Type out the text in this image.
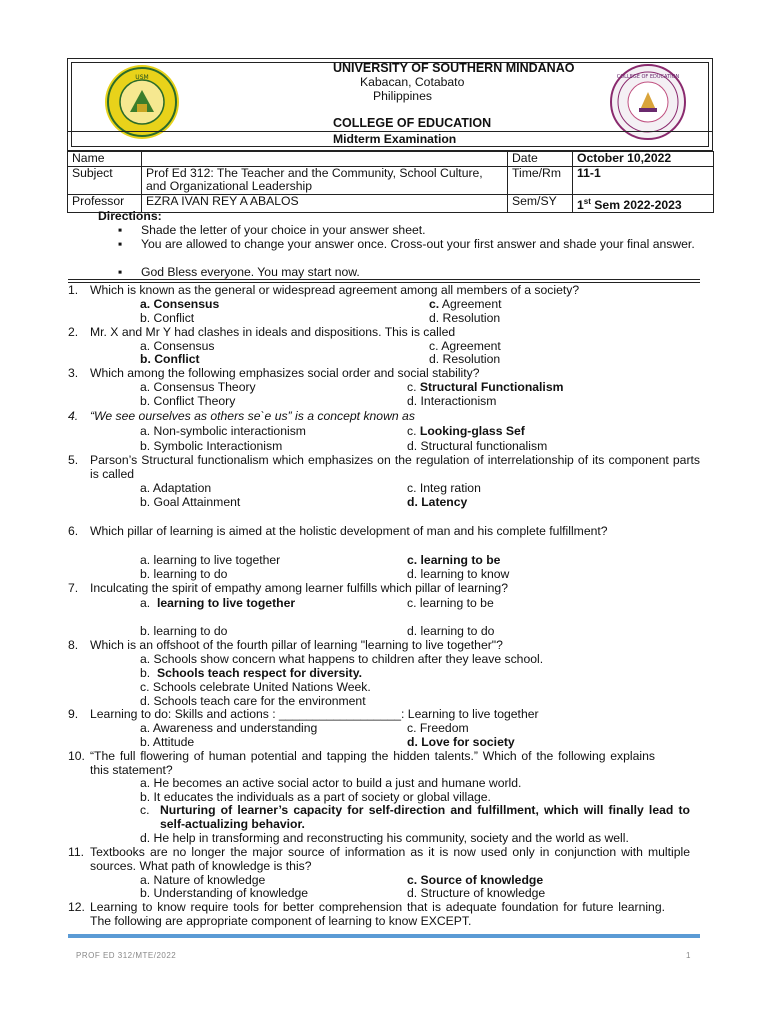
USM	COLLEGE OF EDUCATION
UNIVERSITY OF SOUTHERN MINDANAO
Kabacan, Cotabato
Philippines
COLLEGE OF EDUCATION
Midterm Examination
Name		Date	October 10,2022
Subject	Prof Ed 312: The Teacher and the Community, School Culture, and Organizational Leadership	Time/Rm	11-1
Professor	EZRA IVAN REY A ABALOS	Sem/SY	1st Sem 2022-2023
Directions:
▪ Shade the letter of your choice in your answer sheet.
▪ You are allowed to change your answer once. Cross-out your first answer and shade your final answer.
▪ God Bless everyone. You may start now.
1. Which is known as the general or widespread agreement among all members of a society?
a. Consensus	c. Agreement
b. Conflict	d. Resolution
2. Mr. X and Mr Y had clashes in ideals and dispositions. This is called
a. Consensus	c. Agreement
b. Conflict	d. Resolution
3. Which among the following emphasizes social order and social stability?
a. Consensus Theory	c. Structural Functionalism
b. Conflict Theory	d. Interactionism
4. “We see ourselves as others se`e us” is a concept known as
a. Non-symbolic interactionism	c. Looking-glass Sef
b. Symbolic Interactionism	d. Structural functionalism
5. Parson’s Structural functionalism which emphasizes on the regulation of interrelationship of its component parts is called
a. Adaptation	c. Integ ration
b. Goal Attainment	d. Latency
6. Which pillar of learning is aimed at the holistic development of man and his complete fulfillment?
a. learning to live together	c. learning to be
b. learning to do	d. learning to know
7. Inculcating the spirit of empathy among learner fulfills which pillar of learning?
a. learning to live together	c. learning to be
b. learning to do	d. learning to do
8. Which is an offshoot of the fourth pillar of learning "learning to live together"?
a. Schools show concern what happens to children after they leave school.
b. Schools teach respect for diversity.
c. Schools celebrate United Nations Week.
d. Schools teach care for the environment
9. Learning to do: Skills and actions : __________________: Learning to live together
a. Awareness and understanding	c. Freedom
b. Attitude	d. Love for society
10. “The full flowering of human potential and tapping the hidden talents.” Which of the following explains this statement?
a. He becomes an active social actor to build a just and humane world.
b. It educates the individuals as a part of society or global village.
c. Nurturing of learner’s capacity for self-direction and fulfillment, which will finally lead to self-actualizing behavior.
d. He help in transforming and reconstructing his community, society and the world as well.
11. Textbooks are no longer the major source of information as it is now used only in conjunction with multiple sources. What path of knowledge is this?
a. Nature of knowledge	c. Source of knowledge
b. Understanding of knowledge	d. Structure of knowledge
12. Learning to know require tools for better comprehension that is adequate foundation for future learning. The following are appropriate component of learning to know EXCEPT.
PROF ED 312/MTE/2022	1
